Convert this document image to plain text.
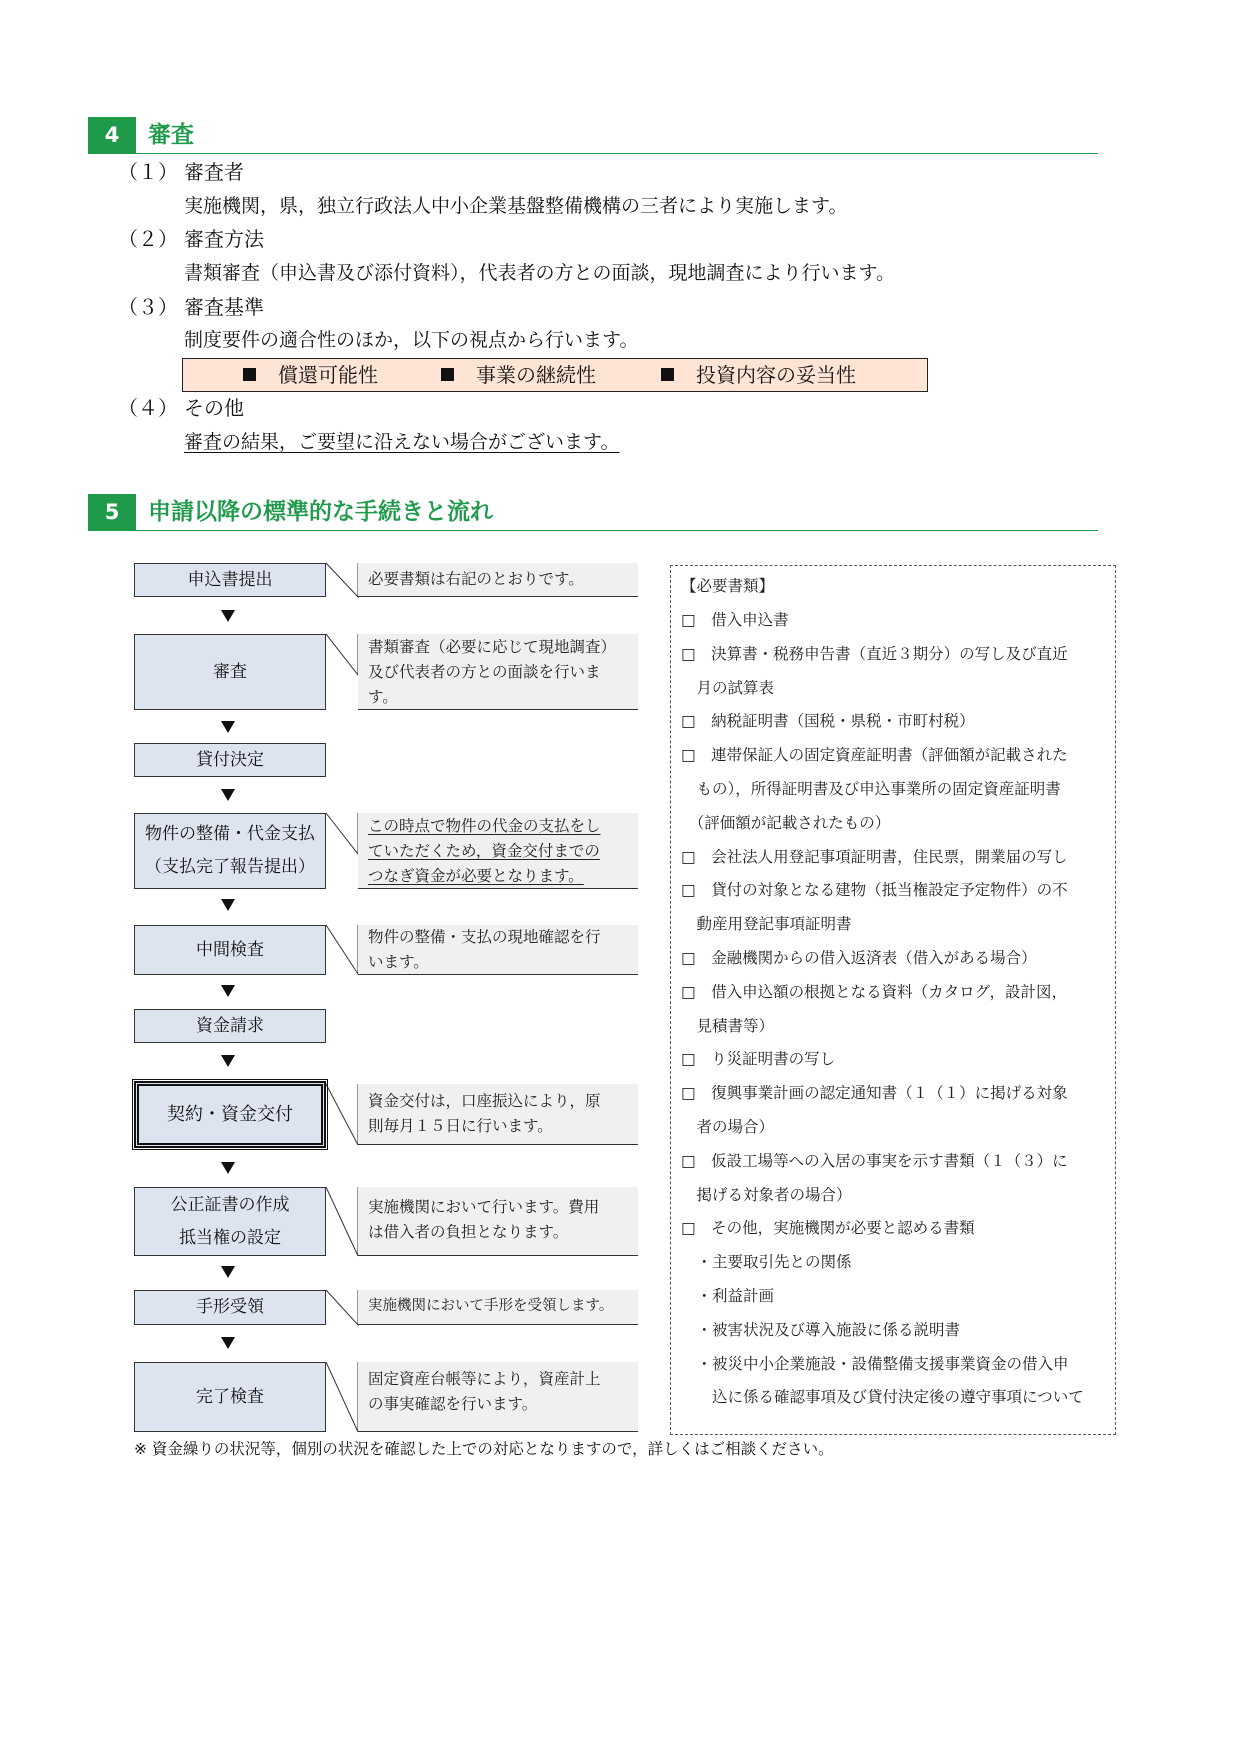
4	審査
（１） 審査者
実施機関，県，独立行政法人中小企業基盤整備機構の三者により実施します。
（２） 審査方法
書類審査（申込書及び添付資料），代表者の方との面談，現地調査により行います。
（３） 審査基準
制度要件の適合性のほか，以下の視点から行います。
償還可能性	事業の継続性	投資内容の妥当性
（４） その他
審査の結果，ご要望に沿えない場合がございます。
5	申請以降の標準的な手続きと流れ
申込書提出
審査
貸付決定
物件の整備・代金支払
（支払完了報告提出）
中間検査
資金請求
契約・資金交付
公正証書の作成
抵当権の設定
手形受領
完了検査
必要書類は右記のとおりです。
書類審査（必要に応じて現地調査）
及び代表者の方との面談を行いま
す。
この時点で物件の代金の支払をし
ていただくため，資金交付までの
つなぎ資金が必要となります。
物件の整備・支払の現地確認を行
います。
資金交付は，口座振込により，原
則毎月１５日に行います。
実施機関において行います。費用
は借入者の負担となります。
実施機関において手形を受領します。
固定資産台帳等により，資産計上
の事実確認を行います。
【必要書類】
□　借入申込書
□　決算書・税務申告書（直近３期分）の写し及び直近
　月の試算表
□　納税証明書（国税・県税・市町村税）
□　連帯保証人の固定資産証明書（評価額が記載された
　もの），所得証明書及び申込事業所の固定資産証明書
　（評価額が記載されたもの）
□　会社法人用登記事項証明書，住民票，開業届の写し
□　貸付の対象となる建物（抵当権設定予定物件）の不
　動産用登記事項証明書
□　金融機関からの借入返済表（借入がある場合）
□　借入申込額の根拠となる資料（カタログ，設計図，
　見積書等）
□　り災証明書の写し
□　復興事業計画の認定通知書（１（１）に掲げる対象
　者の場合）
□　仮設工場等への入居の事実を示す書類（１（３）に
　掲げる対象者の場合）
□　その他，実施機関が必要と認める書類
　・主要取引先との関係
　・利益計画
　・被害状況及び導入施設に係る説明書
　・被災中小企業施設・設備整備支援事業資金の借入申
　　込に係る確認事項及び貸付決定後の遵守事項について
※ 資金繰りの状況等，個別の状況を確認した上での対応となりますので，詳しくはご相談ください。
